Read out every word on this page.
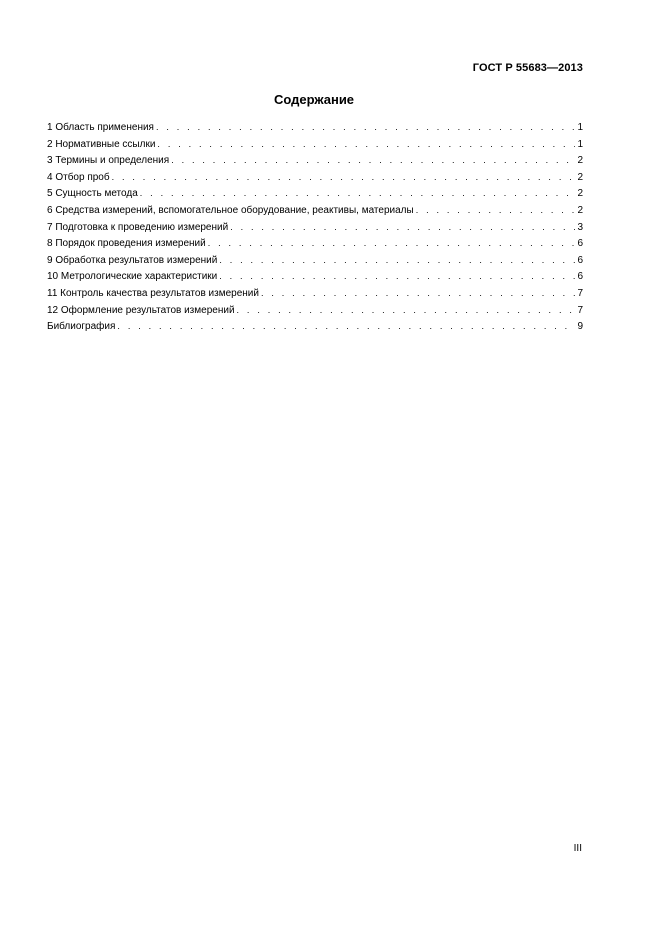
ГОСТ Р 55683—2013
Содержание
1 Область применения . . .	1
2 Нормативные ссылки . . .	1
3 Термины и определения . . .	2
4 Отбор проб . . .	2
5 Сущность метода . . .	2
6 Средства измерений, вспомогательное оборудование, реактивы, материалы . . .	2
7 Подготовка к проведению измерений . . .	3
8 Порядок проведения измерений . . .	6
9 Обработка результатов измерений . . .	6
10 Метрологические характеристики . . .	6
11 Контроль качества результатов измерений . . .	7
12 Оформление результатов измерений . . .	7
Библиография . . .	9
III
